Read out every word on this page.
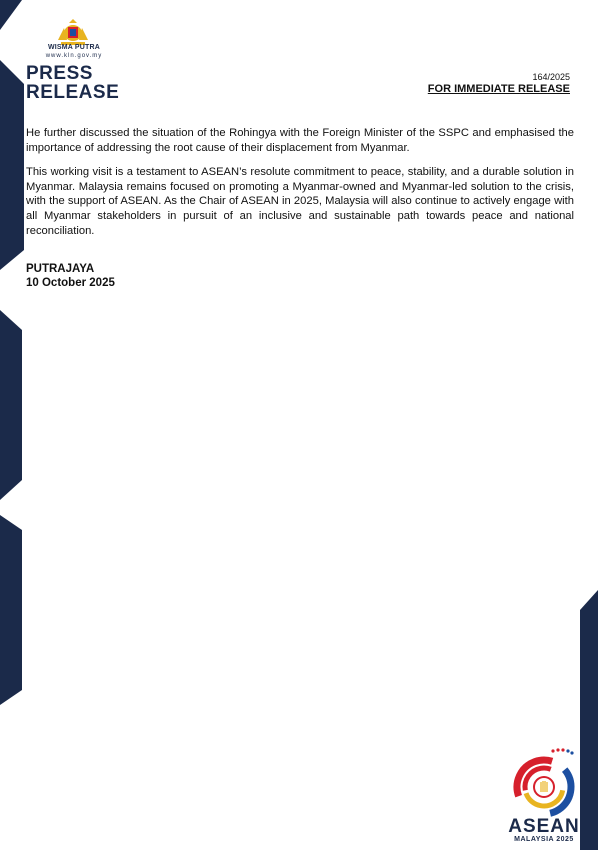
WISMA PUTRA
www.kln.gov.my
PRESS
RELEASE
164/2025
FOR IMMEDIATE RELEASE

He further discussed the situation of the Rohingya with the Foreign Minister of the SSPC and emphasised the importance of addressing the root cause of their displacement from Myanmar.

This working visit is a testament to ASEAN’s resolute commitment to peace, stability, and a durable solution in Myanmar. Malaysia remains focused on promoting a Myanmar-owned and Myanmar-led solution to the crisis, with the support of ASEAN. As the Chair of ASEAN in 2025, Malaysia will also continue to actively engage with all Myanmar stakeholders in pursuit of an inclusive and sustainable path towards peace and national reconciliation.

PUTRAJAYA
10 October 2025
ASEAN
MALAYSIA 2025
